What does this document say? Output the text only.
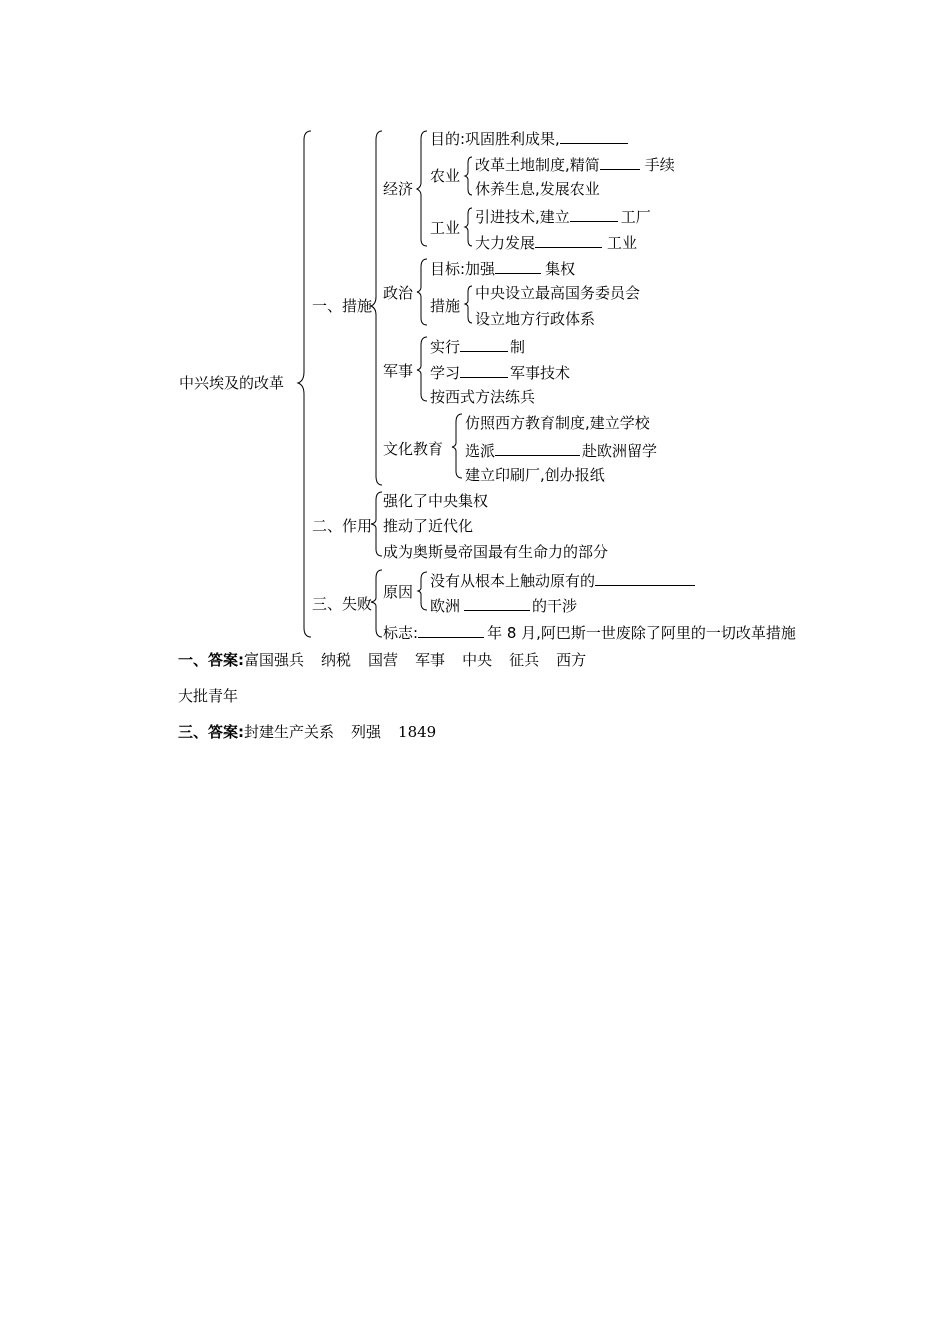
中兴埃及的改革
一、措施
经济
目的:巩固胜利成果,
农业
改革土地制度,精简	手续
休养生息,发展农业
工业
引进技术,建立	工厂
大力发展	工业
政治
目标:加强	集权
措施
中央设立最高国务委员会
设立地方行政体系
军事
实行	制
学习	军事技术
按西式方法练兵
文化教育
仿照西方教育制度,建立学校
选派	赴欧洲留学
建立印刷厂,创办报纸
二、作用
强化了中央集权
推动了近代化
成为奥斯曼帝国最有生命力的部分
三、失败
原因
没有从根本上触动原有的
欧洲	的干涉
标志:	年 8 月,阿巴斯一世废除了阿里的一切改革措施
一、答案:富国强兵 纳税 国营 军事 中央 征兵 西方
大批青年
三、答案:封建生产关系 列强 1849
